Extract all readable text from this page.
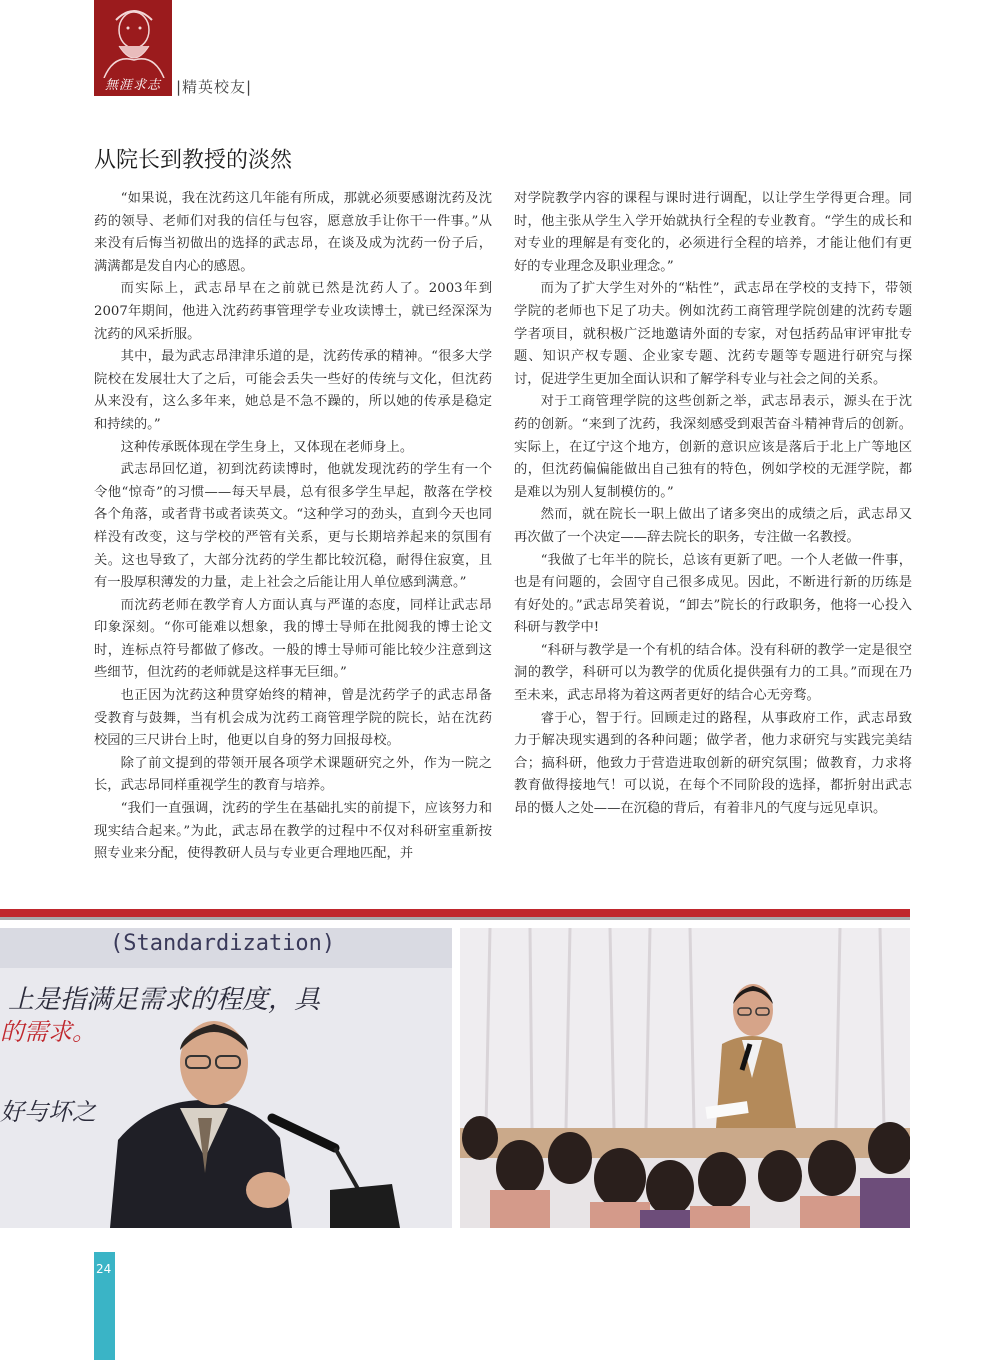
無涯求志	|精英校友|
从院长到教授的淡然

“如果说，我在沈药这几年能有所成，那就必须要感谢沈药及沈药的领导、老师们对我的信任与包容，愿意放手让你干一件事。”从来没有后悔当初做出的选择的武志昂，在谈及成为沈药一份子后，满满都是发自内心的感恩。

而实际上，武志昂早在之前就已然是沈药人了。2003年到2007年期间，他进入沈药药事管理学专业攻读博士，就已经深深为沈药的风采折服。

其中，最为武志昂津津乐道的是，沈药传承的精神。“很多大学院校在发展壮大了之后，可能会丢失一些好的传统与文化，但沈药从来没有，这么多年来，她总是不急不躁的，所以她的传承是稳定和持续的。”

这种传承既体现在学生身上，又体现在老师身上。

武志昂回忆道，初到沈药读博时，他就发现沈药的学生有一个令他“惊奇”的习惯——每天早晨，总有很多学生早起，散落在学校各个角落，或者背书或者读英文。“这种学习的劲头，直到今天也同样没有改变，这与学校的严管有关系，更与长期培养起来的氛围有关。这也导致了，大部分沈药的学生都比较沉稳，耐得住寂寞，且有一股厚积薄发的力量，走上社会之后能让用人单位感到满意。”

而沈药老师在教学育人方面认真与严谨的态度，同样让武志昂印象深刻。“你可能难以想象，我的博士导师在批阅我的博士论文时，连标点符号都做了修改。一般的博士导师可能比较少注意到这些细节，但沈药的老师就是这样事无巨细。”

也正因为沈药这种贯穿始终的精神，曾是沈药学子的武志昂备受教育与鼓舞，当有机会成为沈药工商管理学院的院长，站在沈药校园的三尺讲台上时，他更以自身的努力回报母校。

除了前文提到的带领开展各项学术课题研究之外，作为一院之长，武志昂同样重视学生的教育与培养。

“我们一直强调，沈药的学生在基础扎实的前提下，应该努力和现实结合起来。”为此，武志昂在教学的过程中不仅对科研室重新按照专业来分配，使得教研人员与专业更合理地匹配，并

对学院教学内容的课程与课时进行调配，以让学生学得更合理。同时，他主张从学生入学开始就执行全程的专业教育。“学生的成长和对专业的理解是有变化的，必须进行全程的培养，才能让他们有更好的专业理念及职业理念。”

而为了扩大学生对外的“粘性”，武志昂在学校的支持下，带领学院的老师也下足了功夫。例如沈药工商管理学院创建的沈药专题学者项目，就积极广泛地邀请外面的专家，对包括药品审评审批专题、知识产权专题、企业家专题、沈药专题等专题进行研究与探讨，促进学生更加全面认识和了解学科专业与社会之间的关系。

对于工商管理学院的这些创新之举，武志昂表示，源头在于沈药的创新。“来到了沈药，我深刻感受到艰苦奋斗精神背后的创新。实际上，在辽宁这个地方，创新的意识应该是落后于北上广等地区的，但沈药偏偏能做出自己独有的特色，例如学校的无涯学院，都是难以为别人复制模仿的。”

然而，就在院长一职上做出了诸多突出的成绩之后，武志昂又再次做了一个决定——辞去院长的职务，专注做一名教授。

“我做了七年半的院长，总该有更新了吧。一个人老做一件事，也是有问题的，会固守自己很多成见。因此，不断进行新的历练是有好处的。”武志昂笑着说，“卸去”院长的行政职务，他将一心投入科研与教学中!

“科研与教学是一个有机的结合体。没有科研的教学一定是很空洞的教学，科研可以为教学的优质化提供强有力的工具。”而现在乃至未来，武志昂将为着这两者更好的结合心无旁骛。

睿于心，智于行。回顾走过的路程，从事政府工作，武志昂致力于解决现实遇到的各种问题；做学者，他力求研究与实践完美结合；搞科研，他致力于营造进取创新的研究氛围；做教育，力求将教育做得接地气！可以说，在每个不同阶段的选择，都折射出武志昂的慑人之处——在沉稳的背后，有着非凡的气度与远见卓识。

(Standardization)
上是指满足需求的程度，具
的需求。
好与坏之
24
